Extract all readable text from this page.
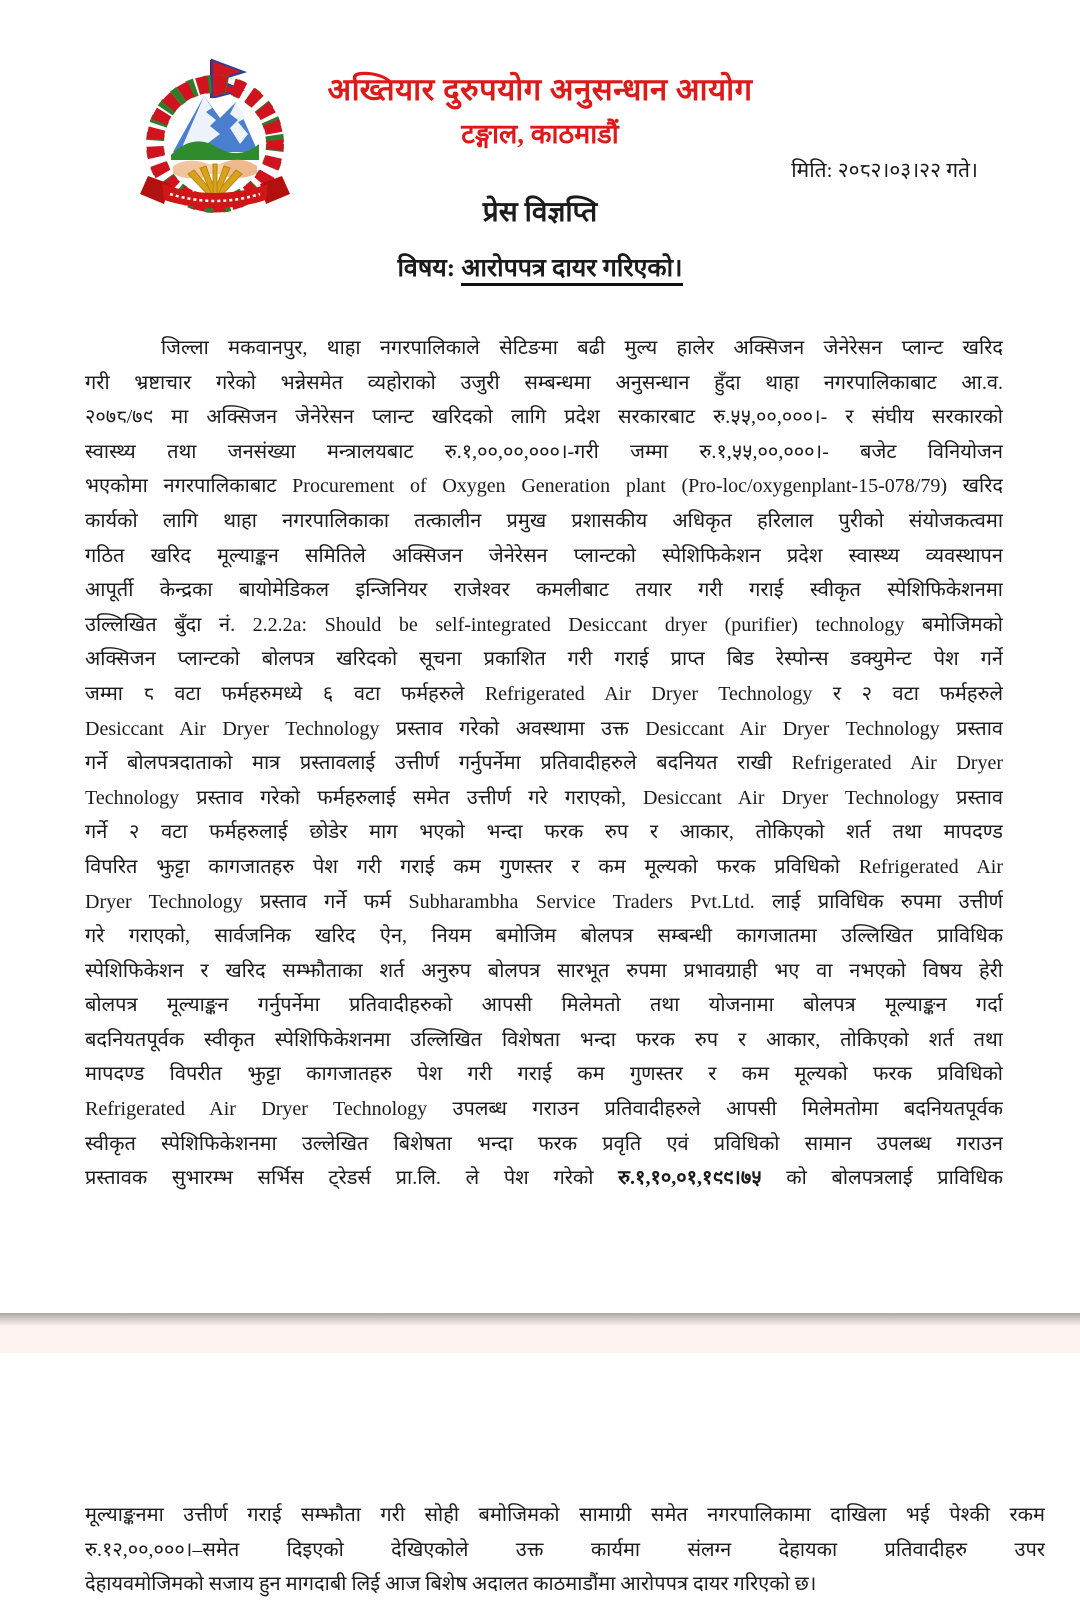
अख्तियार दुरुपयोग अनुसन्धान आयोग
टङ्गाल, काठमाडौं
मिति: २०८२।०३।२२ गते।
प्रेस विज्ञप्ति
विषय: आरोपपत्र दायर गरिएको।
जिल्ला मकवानपुर, थाहा नगरपालिकाले सेटिङमा बढी मुल्य हालेर अक्सिजन जेनेरेसन प्लान्ट खरिद
गरी भ्रष्टाचार गरेको भन्नेसमेत व्यहोराको उजुरी सम्बन्धमा अनुसन्धान हुँदा थाहा नगरपालिकाबाट आ.व.
२०७८/७९ मा अक्सिजन जेनेरेसन प्लान्ट खरिदको लागि प्रदेश सरकारबाट रु.५५,००,०००।- र संघीय सरकारको
स्वास्थ्य तथा जनसंख्या मन्त्रालयबाट रु.१,००,००,०००।-गरी जम्मा रु.१,५५,००,०००।- बजेट विनियोजन
भएकोमा नगरपालिकाबाट Procurement of Oxygen Generation plant (Pro-loc/oxygenplant-15-078/79) खरिद
कार्यको लागि थाहा नगरपालिकाका तत्कालीन प्रमुख प्रशासकीय अधिकृत हरिलाल पुरीको संयोजकत्वमा
गठित खरिद मूल्याङ्कन समितिले अक्सिजन जेनेरेसन प्लान्टको स्पेशिफिकेशन प्रदेश स्वास्थ्य व्यवस्थापन
आपूर्ती केन्द्रका बायोमेडिकल इन्जिनियर राजेश्वर कमलीबाट तयार गरी गराई स्वीकृत स्पेशिफिकेशनमा
उल्लिखित बुँदा नं. 2.2.2a: Should be self-integrated Desiccant dryer (purifier) technology बमोजिमको
अक्सिजन प्लान्टको बोलपत्र खरिदको सूचना प्रकाशित गरी गराई प्राप्त बिड रेस्पोन्स डक्युमेन्ट पेश गर्ने
जम्मा ८ वटा फर्महरुमध्ये ६ वटा फर्महरुले Refrigerated Air Dryer Technology र २ वटा फर्महरुले
Desiccant Air Dryer Technology प्रस्ताव गरेको अवस्थामा उक्त Desiccant Air Dryer Technology प्रस्ताव
गर्ने बोलपत्रदाताको मात्र प्रस्तावलाई उत्तीर्ण गर्नुपर्नेमा प्रतिवादीहरुले बदनियत राखी Refrigerated Air Dryer
Technology प्रस्ताव गरेको फर्महरुलाई समेत उत्तीर्ण गरे गराएको, Desiccant Air Dryer Technology प्रस्ताव
गर्ने २ वटा फर्महरुलाई छोडेर माग भएको भन्दा फरक रुप र आकार, तोकिएको शर्त तथा मापदण्ड
विपरित झुट्टा कागजातहरु पेश गरी गराई कम गुणस्तर र कम मूल्यको फरक प्रविधिको Refrigerated Air
Dryer Technology प्रस्ताव गर्ने फर्म Subharambha Service Traders Pvt.Ltd. लाई प्राविधिक रुपमा उत्तीर्ण
गरे गराएको, सार्वजनिक खरिद ऐन, नियम बमोजिम बोलपत्र सम्बन्धी कागजातमा उल्लिखित प्राविधिक
स्पेशिफिकेशन र खरिद सम्झौताका शर्त अनुरुप बोलपत्र सारभूत रुपमा प्रभावग्राही भए वा नभएको विषय हेरी
बोलपत्र मूल्याङ्कन गर्नुपर्नेमा प्रतिवादीहरुको आपसी मिलेमतो तथा योजनामा बोलपत्र मूल्याङ्कन गर्दा
बदनियतपूर्वक स्वीकृत स्पेशिफिकेशनमा उल्लिखित विशेषता भन्दा फरक रुप र आकार, तोकिएको शर्त तथा
मापदण्ड विपरीत झुट्टा कागजातहरु पेश गरी गराई कम गुणस्तर र कम मूल्यको फरक प्रविधिको
Refrigerated Air Dryer Technology उपलब्ध गराउन प्रतिवादीहरुले आपसी मिलेमतोमा बदनियतपूर्वक
स्वीकृत स्पेशिफिकेशनमा उल्लेखित बिशेषता भन्दा फरक प्रवृति एवं प्रविधिको सामान उपलब्ध गराउन
प्रस्तावक सुभारम्भ सर्भिस ट्रेडर्स प्रा.लि. ले पेश गरेको रु.१,१०,०१,१९९।७५ को बोलपत्रलाई प्राविधिक
मूल्याङ्कनमा उत्तीर्ण गराई सम्झौता गरी सोही बमोजिमको सामाग्री समेत नगरपालिकामा दाखिला भई पेश्की रकम
रु.१२,००,०००।–समेत दिइएको देखिएकोले उक्त कार्यमा संलग्न देहायका प्रतिवादीहरु उपर
देहायवमोजिमको सजाय हुन मागदाबी लिई आज बिशेष अदालत काठमाडौंमा आरोपपत्र दायर गरिएको छ।
